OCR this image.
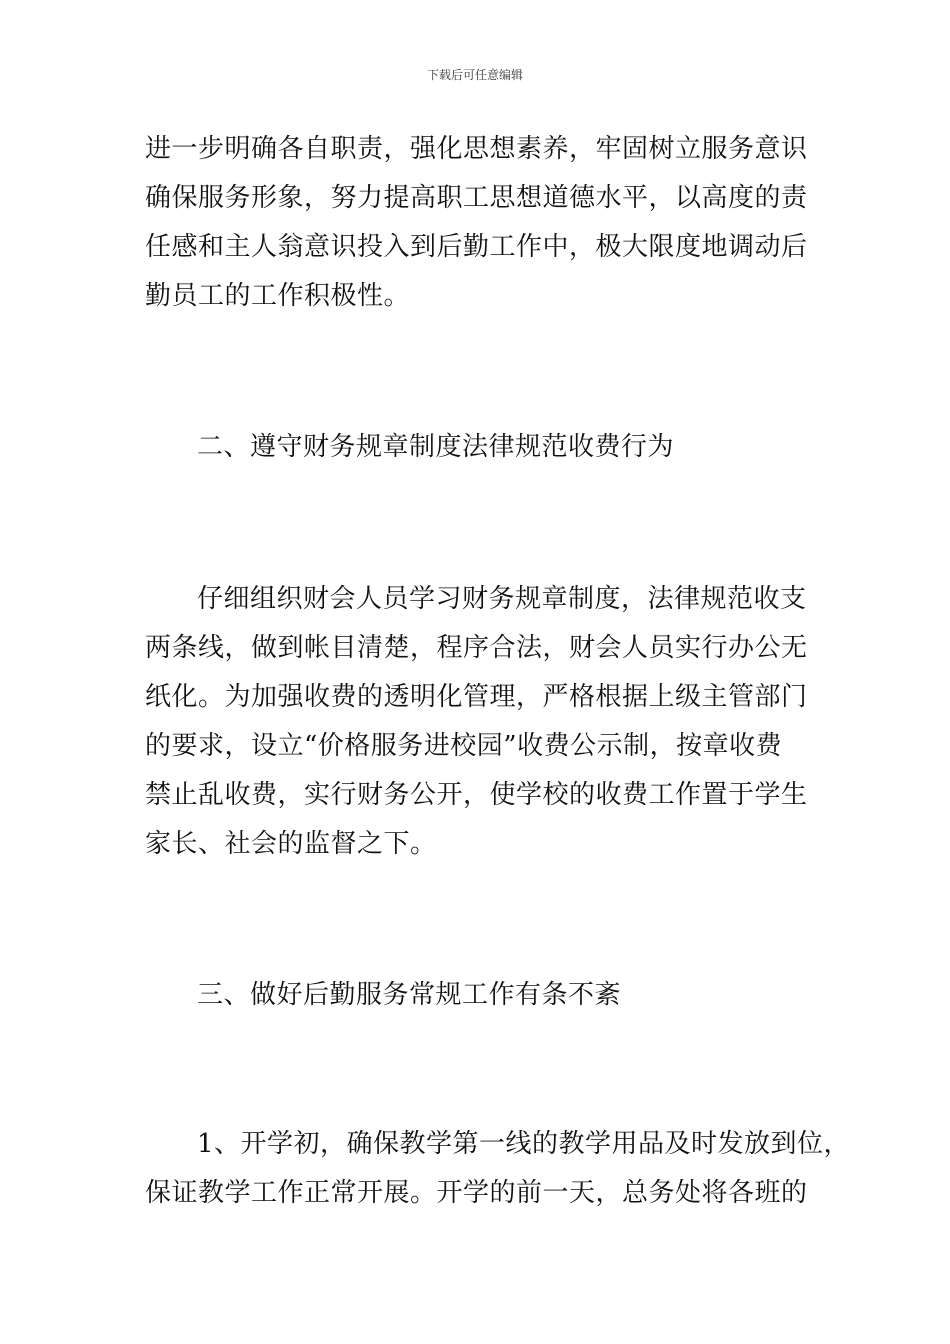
下载后可任意编辑
进一步明确各自职责，强化思想素养，牢固树立服务意识
确保服务形象，努力提高职工思想道德水平，以高度的责
任感和主人翁意识投入到后勤工作中，极大限度地调动后
勤员工的工作积极性。
二、遵守财务规章制度法律规范收费行为
仔细组织财会人员学习财务规章制度，法律规范收支
两条线，做到帐目清楚，程序合法，财会人员实行办公无
纸化。为加强收费的透明化管理，严格根据上级主管部门
的要求，设立“价格服务进校园”收费公示制，按章收费
禁止乱收费，实行财务公开，使学校的收费工作置于学生
家长、社会的监督之下。
三、做好后勤服务常规工作有条不紊
1、开学初，确保教学第一线的教学用品及时发放到位，
保证教学工作正常开展。开学的前一天，总务处将各班的
